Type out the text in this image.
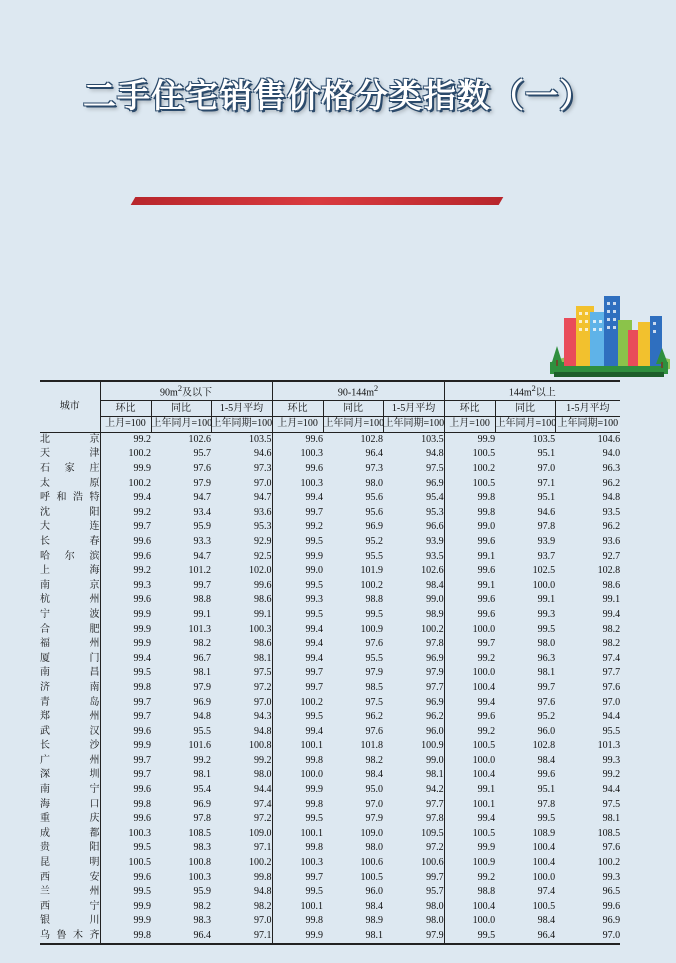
二手住宅销售价格分类指数（一）
城市	$90m^2$及以下			$90-144m^2$			$144m^2$以上		
	环比	同比	1-5月平均	环比	同比	1-5月平均	环比	同比	1-5月平均
	上月=100	上年同月=100	上年同期=100	上月=100	上年同月=100	上年同期=100	上月=100	上年同月=100	上年同期=100
北京	99.2	102.6	103.5	99.6	102.8	103.5	99.9	103.5	104.6
天津	100.2	95.7	94.6	100.3	96.4	94.8	100.5	95.1	94.0
石家庄	99.9	97.6	97.3	99.6	97.3	97.5	100.2	97.0	96.3
太原	100.2	97.9	97.0	100.3	98.0	96.9	100.5	97.1	96.2
呼和浩特	99.4	94.7	94.7	99.4	95.6	95.4	99.8	95.1	94.8
沈阳	99.2	93.4	93.6	99.7	95.6	95.3	99.8	94.6	93.5
大连	99.7	95.9	95.3	99.2	96.9	96.6	99.0	97.8	96.2
长春	99.6	93.3	92.9	99.5	95.2	93.9	99.6	93.9	93.6
哈尔滨	99.6	94.7	92.5	99.9	95.5	93.5	99.1	93.7	92.7
上海	99.2	101.2	102.0	99.0	101.9	102.6	99.6	102.5	102.8
南京	99.3	99.7	99.6	99.5	100.2	98.4	99.1	100.0	98.6
杭州	99.6	98.8	98.6	99.3	98.8	99.0	99.6	99.1	99.1
宁波	99.9	99.1	99.1	99.5	99.5	98.9	99.6	99.3	99.4
合肥	99.9	101.3	100.3	99.4	100.9	100.2	100.0	99.5	98.2
福州	99.9	98.2	98.6	99.4	97.6	97.8	99.7	98.0	98.2
厦门	99.4	96.7	98.1	99.4	95.5	96.9	99.2	96.3	97.4
南昌	99.5	98.1	97.5	99.7	97.9	97.9	100.0	98.1	97.7
济南	99.8	97.9	97.2	99.7	98.5	97.7	100.4	99.7	97.6
青岛	99.7	96.9	97.0	100.2	97.5	96.9	99.4	97.6	97.0
郑州	99.7	94.8	94.3	99.5	96.2	96.2	99.6	95.2	94.4
武汉	99.6	95.5	94.8	99.4	97.6	96.0	99.2	96.0	95.5
长沙	99.9	101.6	100.8	100.1	101.8	100.9	100.5	102.8	101.3
广州	99.7	99.2	99.2	99.8	98.2	99.0	100.0	98.4	99.3
深圳	99.7	98.1	98.0	100.0	98.4	98.1	100.4	99.6	99.2
南宁	99.6	95.4	94.4	99.9	95.0	94.2	99.1	95.1	94.4
海口	99.8	96.9	97.4	99.8	97.0	97.7	100.1	97.8	97.5
重庆	99.6	97.8	97.2	99.5	97.9	97.8	99.4	99.5	98.1
成都	100.3	108.5	109.0	100.1	109.0	109.5	100.5	108.9	108.5
贵阳	99.5	98.3	97.1	99.8	98.0	97.2	99.9	100.4	97.6
昆明	100.5	100.8	100.2	100.3	100.6	100.6	100.9	100.4	100.2
西安	99.6	100.3	99.8	99.7	100.5	99.7	99.2	100.0	99.3
兰州	99.5	95.9	94.8	99.5	96.0	95.7	98.8	97.4	96.5
西宁	99.9	98.2	98.2	100.1	98.4	98.0	100.4	100.5	99.6
银川	99.9	98.3	97.0	99.8	98.9	98.0	100.0	98.4	96.9
乌鲁木齐	99.8	96.4	97.1	99.9	98.1	97.9	99.5	96.4	97.0
